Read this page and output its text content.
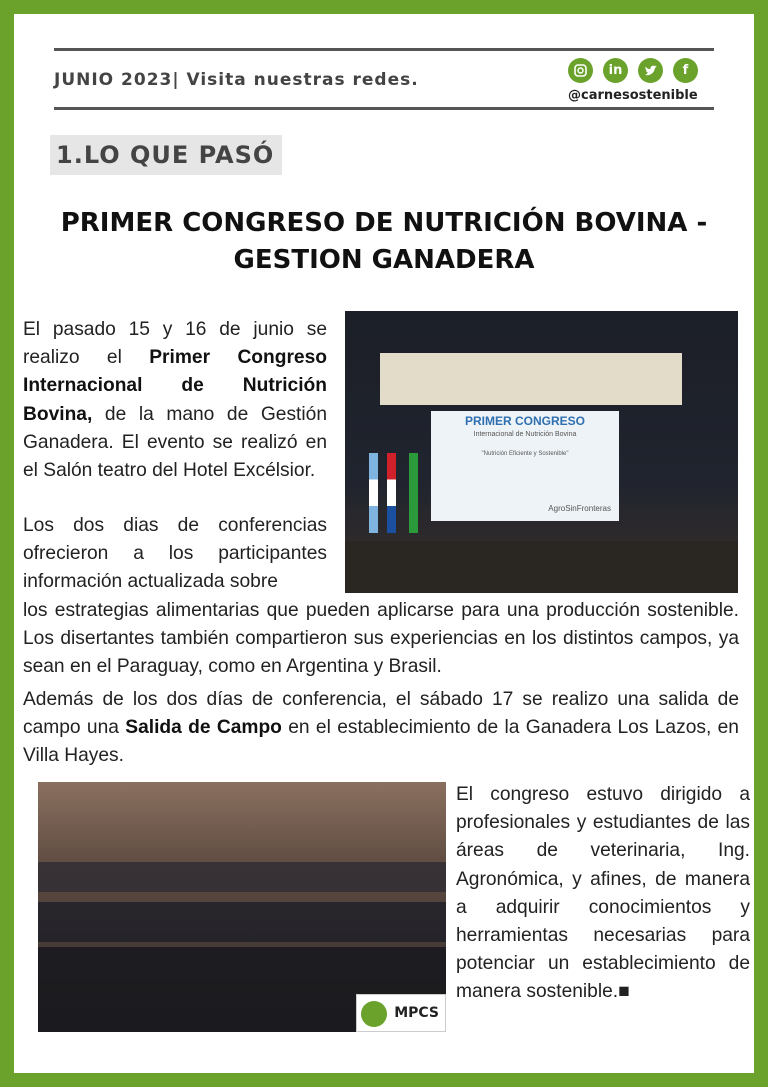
JUNIO 2023| Visita nuestras redes.	in	f
@carnesostenible
1.LO QUE PASÓ
PRIMER CONGRESO DE NUTRICIÓN BOVINA -
GESTION GANADERA

El pasado 15 y 16 de junio se realizo el Primer Congreso Internacional de Nutrición Bovina, de la mano de Gestión Ganadera. El evento se realizó en el Salón teatro del Hotel Excélsior.

Los dos dias de conferencias ofrecieron a los participantes información actualizada sobre

los estrategias alimentarias que pueden aplicarse para una producción sostenible. Los disertantes también compartieron sus experiencias en los distintos campos, ya sean en el Paraguay, como en Argentina y Brasil.

Además de los dos días de conferencia, el sábado 17 se realizo una salida de campo una Salida de Campo en el establecimiento de la Ganadera Los Lazos, en Villa Hayes.

El congreso estuvo dirigido a profesionales y estudiantes de las áreas de veterinaria, Ing. Agronómica, y afines, de manera a adquirir conocimientos y herramientas necesarias para potenciar un establecimiento de manera sostenible.■

PRIMER CONGRESO
Internacional de Nutrición Bovina
"Nutrición Eficiente y Sostenible"
AgroSinFronteras
MPCS
